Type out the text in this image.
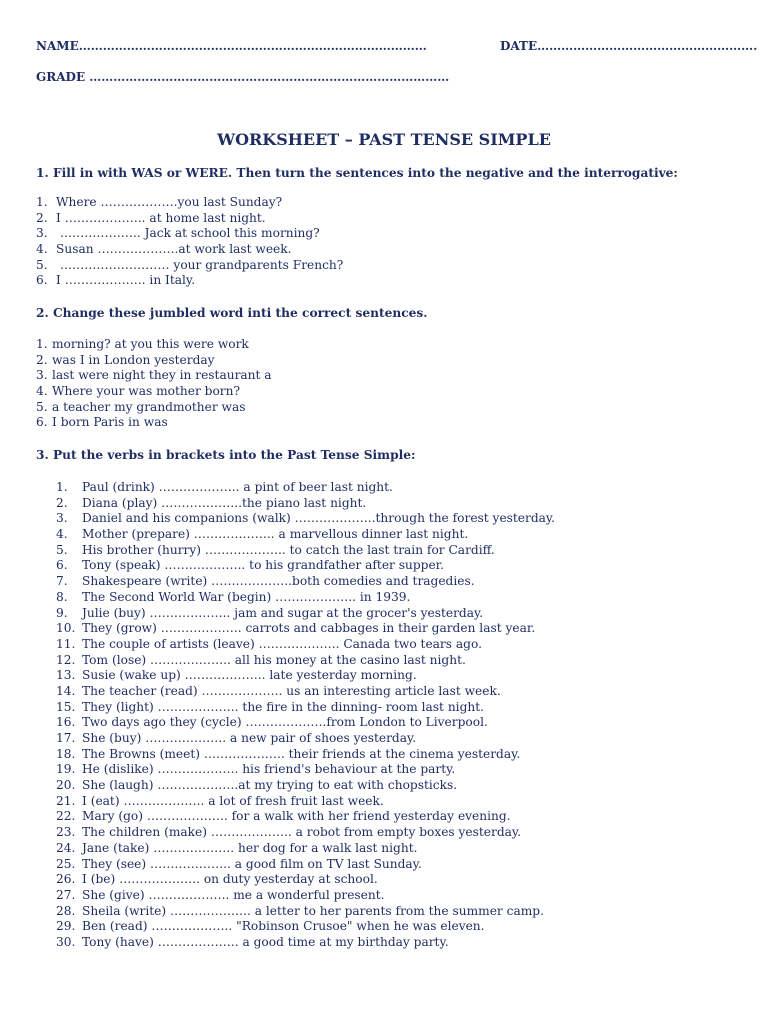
NAME……………………………………………………………………………	DATE……………………………………………….
GRADE ………………………………………………………………………………
WORKSHEET – PAST TENSE SIMPLE
1. Fill in with WAS or WERE. Then turn the sentences into the negative and the interrogative:
1. Where ……………….you last Sunday?
2. I ……………….. at home last night.
3. ……………….. Jack at school this morning?
4. Susan ………………..at work last week.
5. ……………………… your grandparents French?
6. I ……………….. in Italy.
2. Change these jumbled word inti the correct sentences.
1. morning? at you this were work
2. was I in London yesterday
3. last were night they in restaurant a
4. Where your was mother born?
5. a teacher my grandmother was
6. I born Paris in was
3. Put the verbs in brackets into the Past Tense Simple:
1. Paul (drink) ……………….. a pint of beer last night.
2. Diana (play) ………………..the piano last night.
3. Daniel and his companions (walk) ………………..through the forest yesterday.
4. Mother (prepare) ……………….. a marvellous dinner last night.
5. His brother (hurry) ……………….. to catch the last train for Cardiff.
6. Tony (speak) ……………….. to his grandfather after supper.
7. Shakespeare (write) ………………..both comedies and tragedies.
8. The Second World War (begin) ……………….. in 1939.
9. Julie (buy) ……………….. jam and sugar at the grocer's yesterday.
10. They (grow) ……………….. carrots and cabbages in their garden last year.
11. The couple of artists (leave) ……………….. Canada two tears ago.
12. Tom (lose) ……………….. all his money at the casino last night.
13. Susie (wake up) ……………….. late yesterday morning.
14. The teacher (read) ……………….. us an interesting article last week.
15. They (light) ……………….. the fire in the dinning- room last night.
16. Two days ago they (cycle) ………………..from London to Liverpool.
17. She (buy) ……………….. a new pair of shoes yesterday.
18. The Browns (meet) ……………….. their friends at the cinema yesterday.
19. He (dislike) ……………….. his friend's behaviour at the party.
20. She (laugh) ………………..at my trying to eat with chopsticks.
21. I (eat) ……………….. a lot of fresh fruit last week.
22. Mary (go) ……………….. for a walk with her friend yesterday evening.
23. The children (make) ……………….. a robot from empty boxes yesterday.
24. Jane (take) ……………….. her dog for a walk last night.
25. They (see) ……………….. a good film on TV last Sunday.
26. I (be) ……………….. on duty yesterday at school.
27. She (give) ……………….. me a wonderful present.
28. Sheila (write) ……………….. a letter to her parents from the summer camp.
29. Ben (read) ……………….. "Robinson Crusoe" when he was eleven.
30. Tony (have) ……………….. a good time at my birthday party.
